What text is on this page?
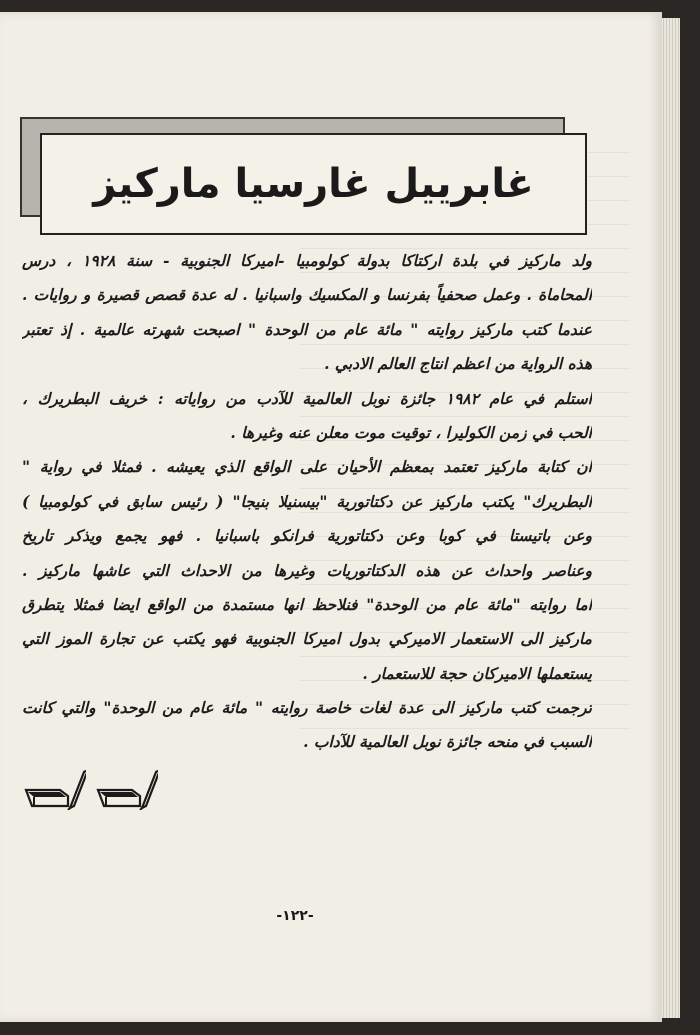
غابرييل غارسيا ماركيز
ولد ماركيز في بلدة اركتاكا بدولة كولومبيا -اميركا الجنوبية - سنة ١٩٢٨ ، درس
المحاماة . وعمل صحفياً بفرنسا و المكسيك واسبانيا . له عدة قصص قصيرة و روايات .
عندما كتب ماركيز روايته " مائة عام من الوحدة " اصبحت شهرته عالمية . إذ تعتبر
هذه الرواية من اعظم انتاج العالم الادبي .
استلم في عام ١٩٨٢ جائزة نوبل العالمية للآدب من رواياته : خريف البطريرك ،
الحب في زمن الكوليرا ، توقيت موت معلن عنه وغيرها .
ان كتابة ماركيز تعتمد بمعظم الأحيان على الواقع الذي يعيشه . فمثلا في رواية "
البطريرك" يكتب ماركيز عن دكتاتورية "بيسنيلا بنيجا" ( رئيس سابق في كولومبيا )
وعن باتيستا في كوبا وعن دكتاتورية فرانكو باسبانيا . فهو يجمع ويذكر تاريخ
وعناصر واحداث عن هذه الدكتاتوريات وغيرها من الاحداث التي عاشها ماركيز .
اما روايته "مائة عام من الوحدة" فنلاحظ انها مستمدة من الواقع ايضا فمثلا يتطرق
ماركيز الى الاستعمار الاميركي بدول اميركا الجنوبية فهو يكتب عن تجارة الموز التي
يستعملها الاميركان حجة للاستعمار .
ترجمت كتب ماركيز الى عدة لغات خاصة روايته " مائة عام من الوحدة" والتي كانت
السبب في منحه جائزة نوبل العالمية للآداب .
-١٢٢-
